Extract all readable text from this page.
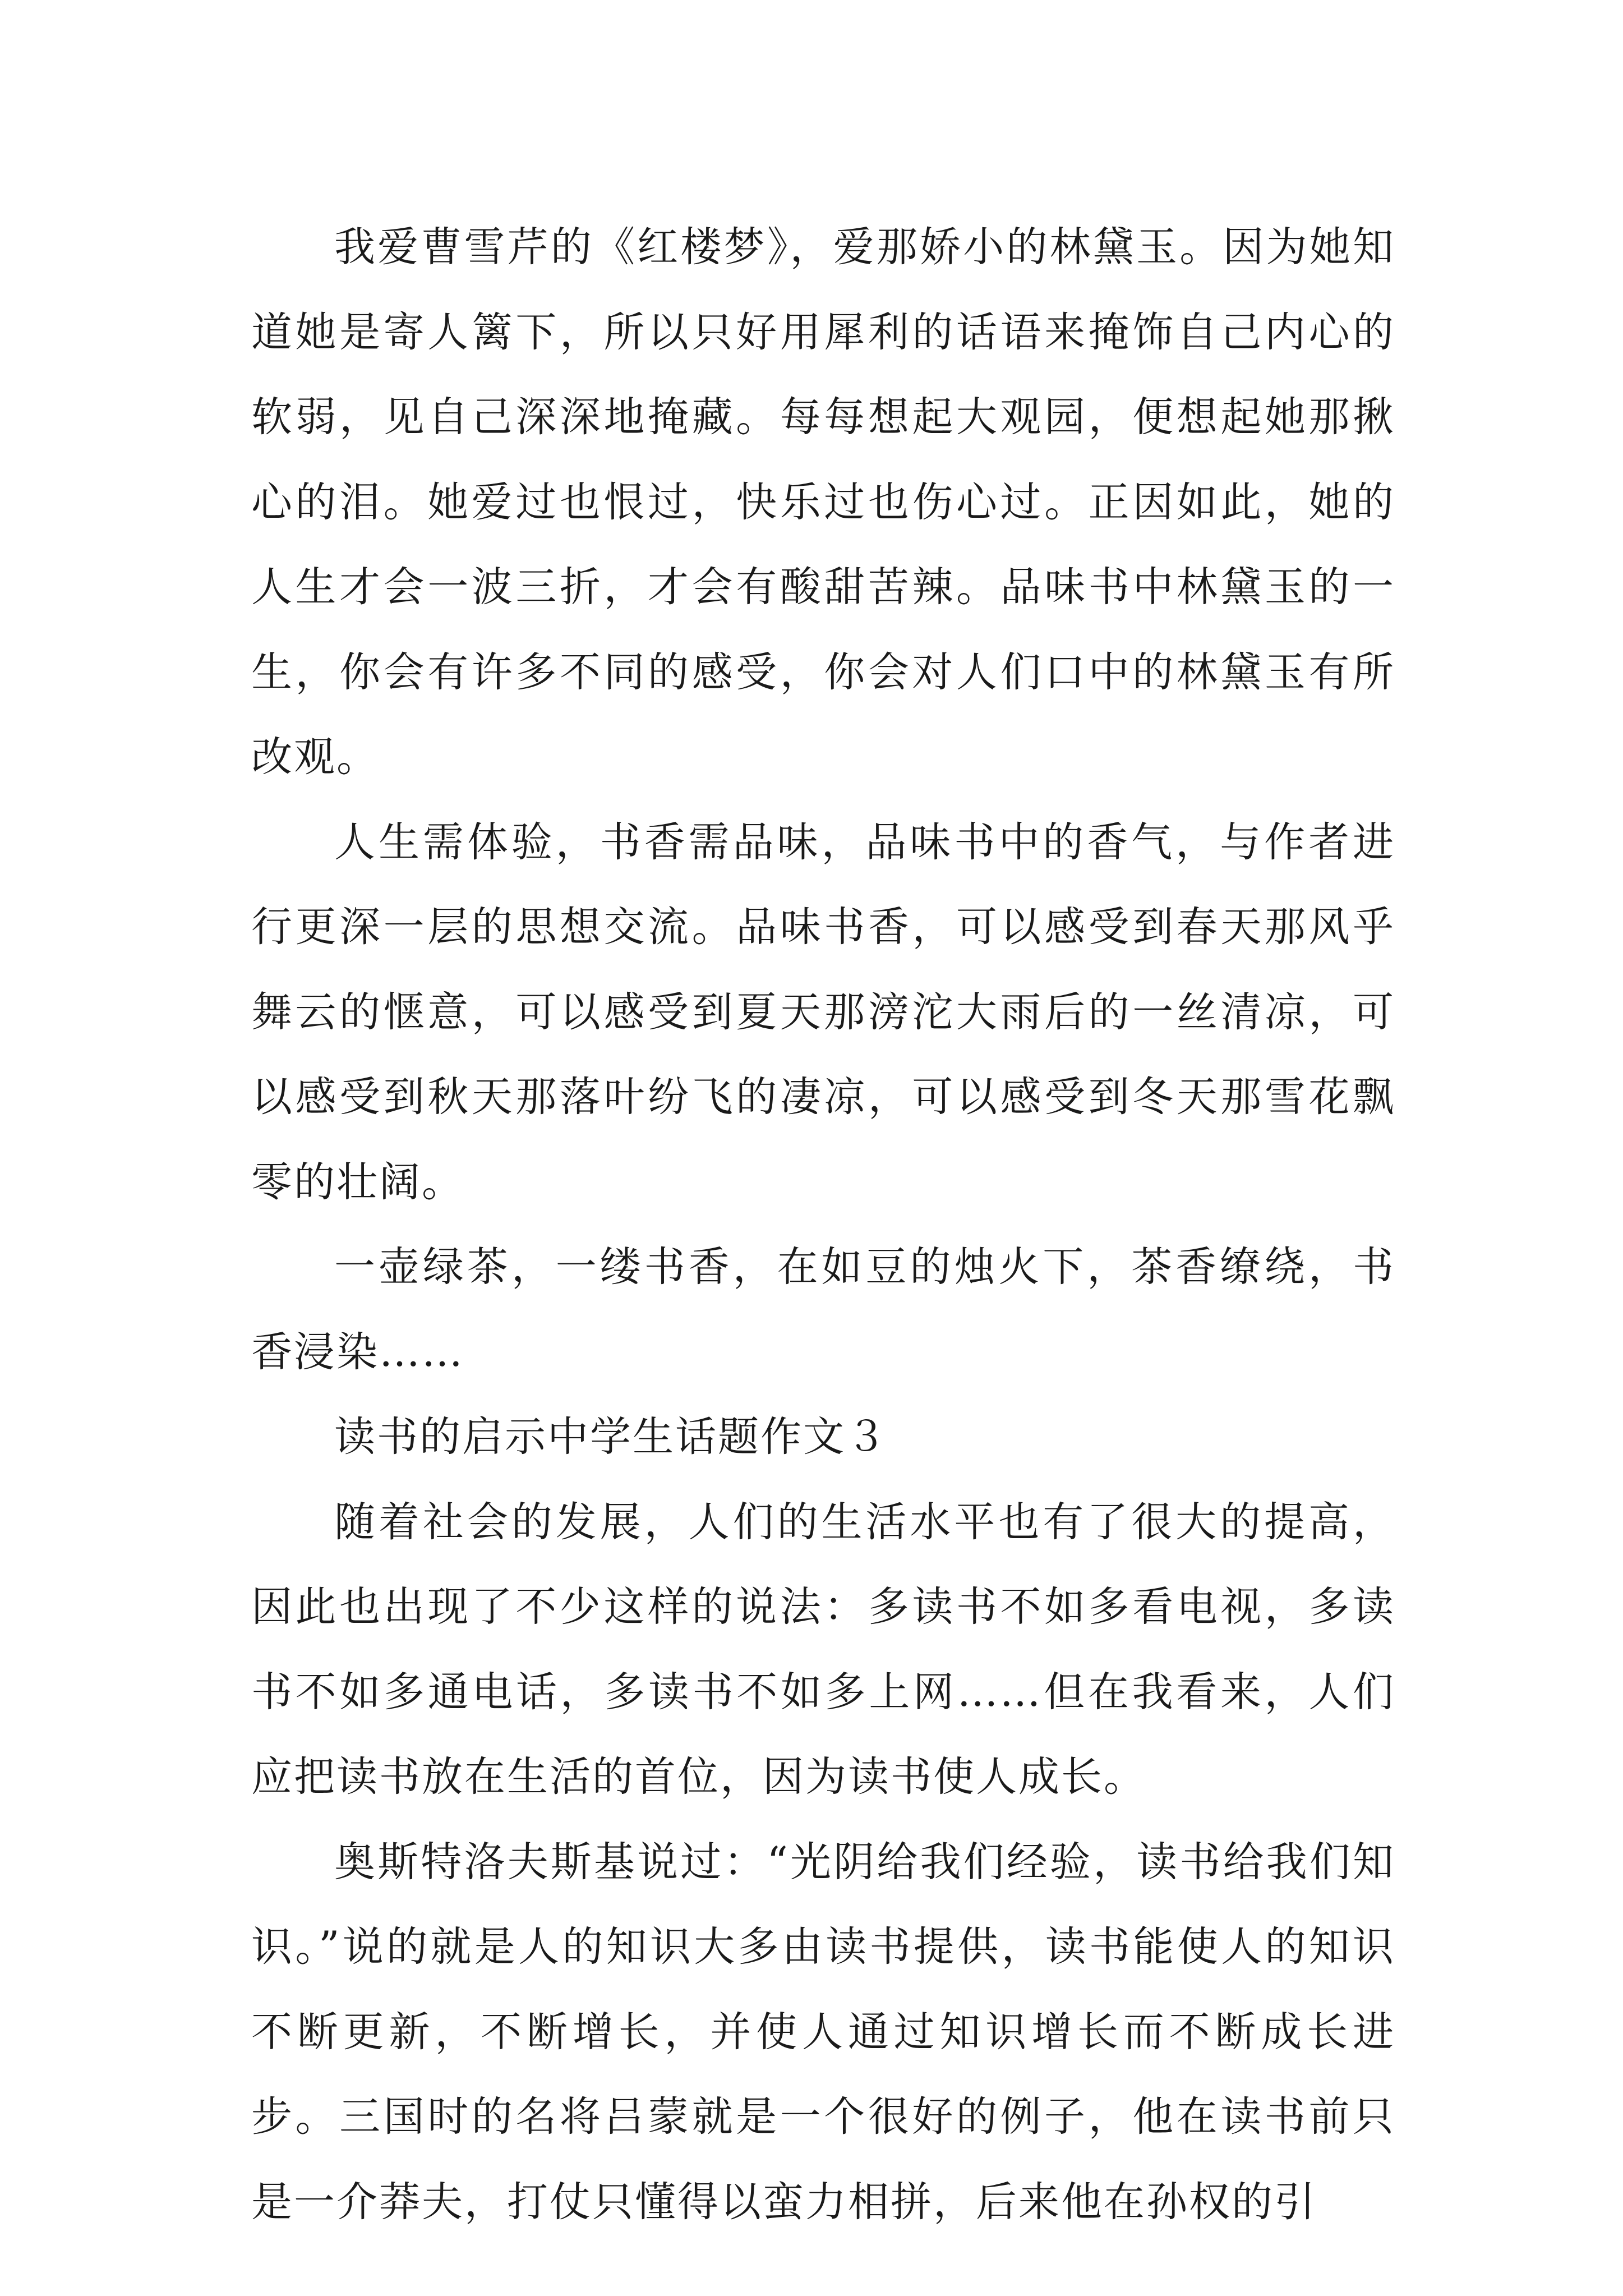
我爱曹雪芹的《红楼梦》，爱那娇小的林黛玉。因为她知道她是寄人篱下，所以只好用犀利的话语来掩饰自己内心的软弱，见自己深深地掩藏。每每想起大观园，便想起她那揪心的泪。她爱过也恨过，快乐过也伤心过。正因如此，她的人生才会一波三折，才会有酸甜苦辣。品味书中林黛玉的一生，你会有许多不同的感受，你会对人们口中的林黛玉有所改观。

人生需体验，书香需品味，品味书中的香气，与作者进行更深一层的思想交流。品味书香，可以感受到春天那风乎舞云的惬意，可以感受到夏天那滂沱大雨后的一丝清凉，可以感受到秋天那落叶纷飞的凄凉，可以感受到冬天那雪花飘零的壮阔。

一壶绿茶，一缕书香，在如豆的烛火下，茶香缭绕，书香浸染……

读书的启示中学生话题作文３

随着社会的发展，人们的生活水平也有了很大的提高，因此也出现了不少这样的说法：多读书不如多看电视，多读书不如多通电话，多读书不如多上网……但在我看来，人们应把读书放在生活的首位，因为读书使人成长。

奥斯特洛夫斯基说过：“光阴给我们经验，读书给我们知识。”说的就是人的知识大多由读书提供，读书能使人的知识不断更新，不断增长，并使人通过知识增长而不断成长进步。三国时的名将吕蒙就是一个很好的例子，他在读书前只是一介莽夫，打仗只懂得以蛮力相拼，后来他在孙权的引
